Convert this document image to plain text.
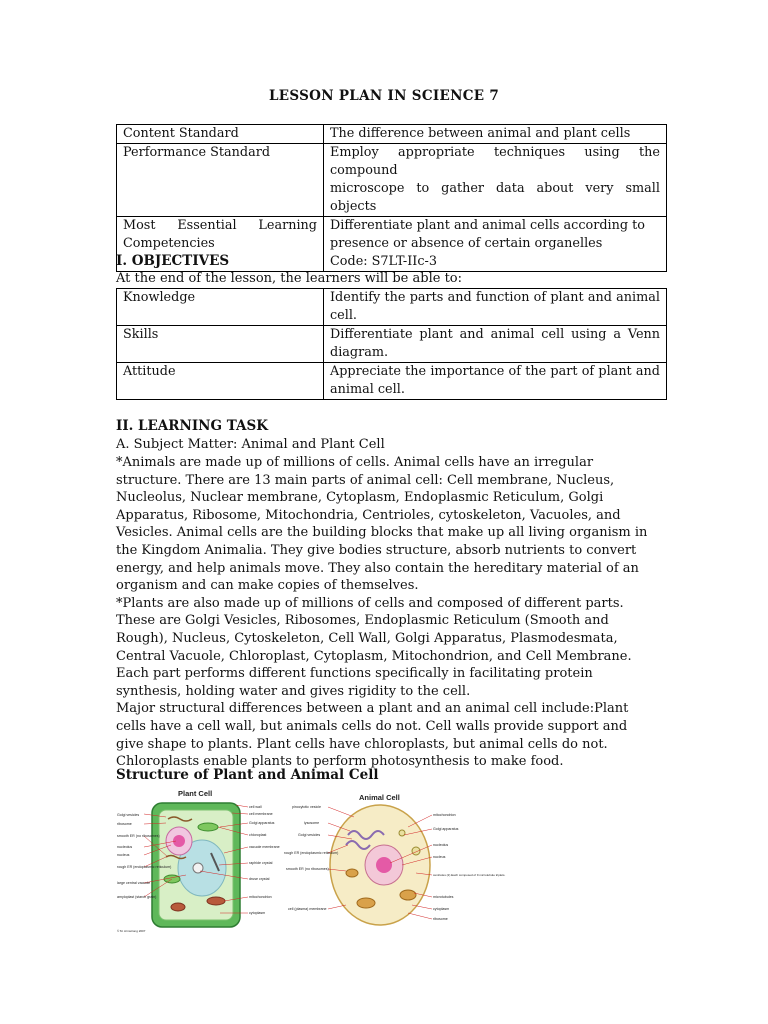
LESSON PLAN IN SCIENCE 7
Content Standard	The difference between animal and plant cells

Performance Standard	Employ appropriate techniques using the compound
microscope to gather data about very small objects

Most Essential Learning
Competencies	Differentiate plant and animal cells according to
presence or absence of certain organelles
Code: S7LT-IIc-3
I. OBJECTIVES
At the end of the lesson, the learners will be able to:
Knowledge	Identify the parts and function of plant and animal cell.
Skills	Differentiate plant and animal cell using a Venn diagram.
Attitude	Appreciate the importance of the part of plant and animal cell.
II. LEARNING TASK
A. Subject Matter: Animal and Plant Cell

*Animals are made up of millions of cells. Animal cells have an irregular structure. There are 13 main parts of animal cell: Cell membrane, Nucleus, Nucleolus, Nuclear membrane, Cytoplasm, Endoplasmic Reticulum, Golgi Apparatus, Ribosome, Mitochondria, Centrioles, cytoskeleton, Vacuoles, and Vesicles. Animal cells are the building blocks that make up all living organism in the Kingdom Animalia. They give bodies structure, absorb nutrients to convert energy, and help animals move. They also contain the hereditary material of an organism and can make copies of themselves.

*Plants are also made up of millions of cells and composed of different parts. These are Golgi Vesicles, Ribosomes, Endoplasmic Reticulum (Smooth and Rough), Nucleus, Cytoskeleton, Cell Wall, Golgi Apparatus, Plasmodesmata, Central Vacuole, Chloroplast, Cytoplasm, Mitochondrion, and Cell Membrane. Each part performs different functions specifically in facilitating protein synthesis, holding water and gives rigidity to the cell.

Major structural differences between a plant and an animal cell include:Plant cells have a cell wall, but animals cells do not. Cell walls provide support and give shape to plants. Plant cells have chloroplasts, but animal cells do not. Chloroplasts enable plants to perform photosynthesis to make food.

Structure of Plant and Animal Cell
Plant Cell
Golgi vesicles
ribosome
smooth ER (no ribosomes)
nucleolus
nucleus
rough ER (endoplasmic reticulum)
large central vacuole
amyloplast (starch grain)
cell wall
cell membrane
Golgi apparatus
chloroplast
vacuole membrane
raphide crystal
druse crystal
mitochondrion
cytoplasm
© M. Armstrong 2007
Animal Cell
pinocytotic vesicle
lysosome
Golgi vesicles
rough ER (endoplasmic reticulum)
smooth ER (no ribosomes)
cell (plasma) membrane
mitochondrion
Golgi apparatus
nucleolus
nucleus
centrioles (2) Each composed of 9 microtubule triplets.
microtubules
cytoplasm
ribosome
